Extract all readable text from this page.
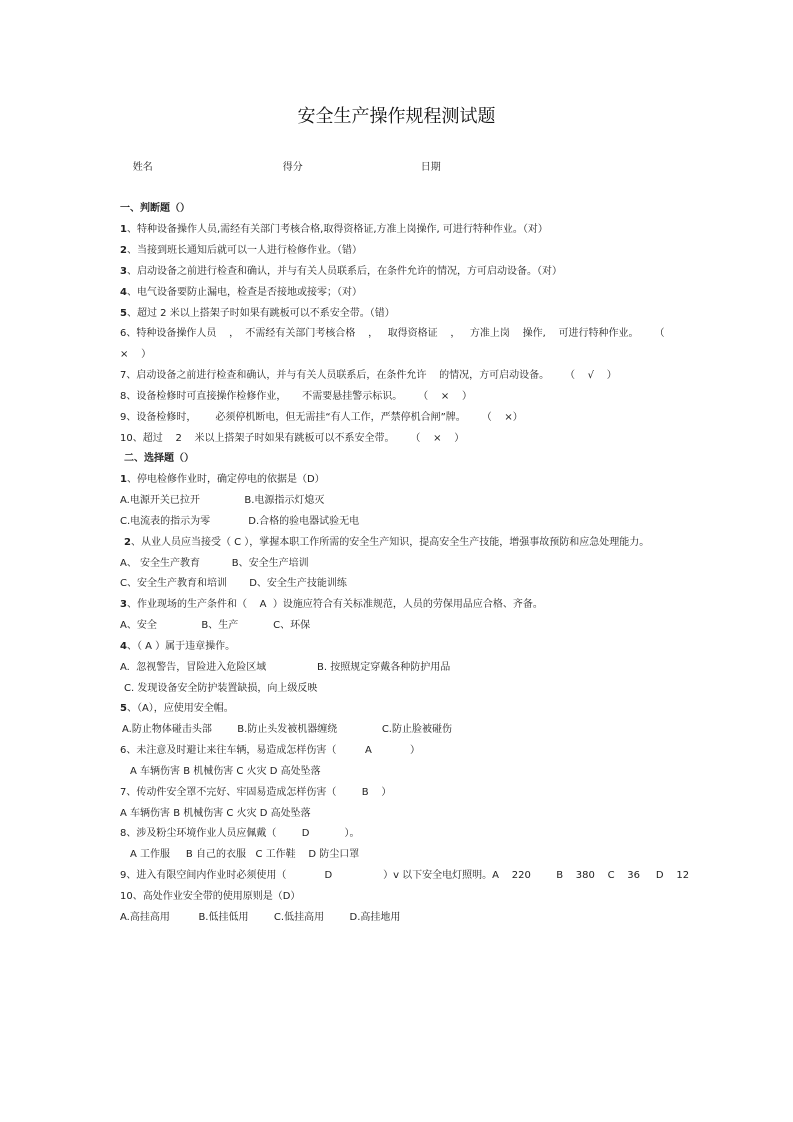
安全生产操作规程测试题

姓名	得分	日期

一、判断题（）
1、特种设备操作人员,需经有关部门考核合格,取得资格证,方准上岗操作, 可进行特种作业。（对）
2、当接到班长通知后就可以一人进行检修作业。（错）
3、启动设备之前进行检查和确认，并与有关人员联系后，在条件允许的情况，方可启动设备。（对）
4、电气设备要防止漏电，检查是否接地或接零；（对）
5、超过 2 米以上搭架子时如果有跳板可以不系安全带。（错）
6、特种设备操作人员    ，  不需经有关部门考核合格    ，   取得资格证    ，   方准上岗    操作,    可进行特种作业。     （
×    ）
7、启动设备之前进行检查和确认，并与有关人员联系后，在条件允许    的情况，方可启动设备。     （    √    ）
8、设备检修时可直接操作检修作业，     不需要悬挂警示标识。     （    ×    ）
9、设备检修时，      必须停机断电，但无需挂“有人工作，严禁停机合闸”牌。     （    ×）
10、超过    2    米以上搭架子时如果有跳板可以不系安全带。     （    ×    ）
二、选择题（）
1、停电检修作业时，确定停电的依据是（D）
A.电源开关已拉开              B.电源指示灯熄灭
C.电流表的指示为零            D.合格的验电器试验无电
2、从业人员应当接受（ C ），掌握本职工作所需的安全生产知识，提高安全生产技能，增强事故预防和应急处理能力。
A、 安全生产教育          B、安全生产培训
C、安全生产教育和培训       D、安全生产技能训练
3、作业现场的生产条件和（    A  ）设施应符合有关标准规范，人员的劳保用品应合格、齐备。
A、安全              B、生产           C、环保
4、（ A ）属于违章操作。
A.  忽视警告，冒险进入危险区域                B. 按照规定穿戴各种防护用品
C. 发现设备安全防护装置缺损，向上级反映
5、（A），应使用安全帽。
A.防止物体碰击头部        B.防止头发被机器缠绕              C.防止脸被碰伤
6、未注意及时避让来往车辆，易造成怎样伤害（         A            ）
A 车辆伤害 B 机械伤害 C 火灾 D 高处坠落
7、传动件安全罩不完好、牢固易造成怎样伤害（        B    ）
A 车辆伤害 B 机械伤害 C 火灾 D 高处坠落
8、涉及粉尘环境作业人员应佩戴（        D           ）。
A 工作服     B 自己的衣服   C 工作鞋    D 防尘口罩
9、进入有限空间内作业时必须使用（            D                ）v 以下安全电灯照明。A    220        B    380    C    36     D    12
10、高处作业安全带的使用原则是（D）
A.高挂高用         B.低挂低用        C.低挂高用        D.高挂地用
